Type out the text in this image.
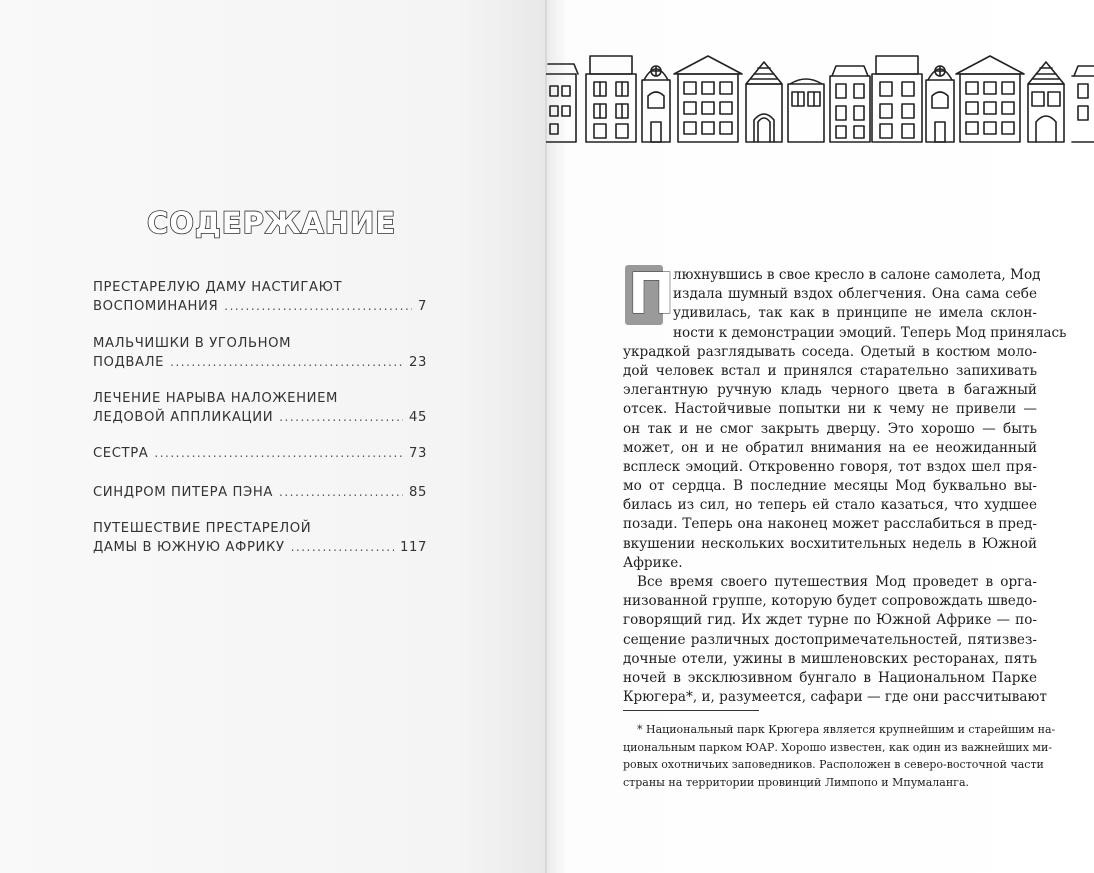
СОДЕРЖАНИЕ
ПРЕСТАРЕЛУЮ ДАМУ НАСТИГАЮТ
ВОСПОМИНАНИЯ .....	7
МАЛЬЧИШКИ В УГОЛЬНОМ
ПОДВАЛЕ .....	23
ЛЕЧЕНИЕ НАРЫВА НАЛОЖЕНИЕМ
ЛЕДОВОЙ АППЛИКАЦИИ .....	45
СЕСТРА .....	73
СИНДРОМ ПИТЕРА ПЭНА .....	85
ПУТЕШЕСТВИЕ ПРЕСТАРЕЛОЙ
ДАМЫ В ЮЖНУЮ АФРИКУ .....	117
П
люхнувшись в свое кресло в салоне самолета, Мод
издала шумный вздох облегчения. Она сама себе
удивилась, так как в принципе не имела склон-
ности к демонстрации эмоций. Теперь Мод принялась
украдкой разглядывать соседа. Одетый в костюм моло-
дой человек встал и принялся старательно запихивать
элегантную ручную кладь черного цвета в багажный
отсек. Настойчивые попытки ни к чему не привели —
он так и не смог закрыть дверцу. Это хорошо — быть
может, он и не обратил внимания на ее неожиданный
всплеск эмоций. Откровенно говоря, тот вздох шел пря-
мо от сердца. В последние месяцы Мод буквально вы-
билась из сил, но теперь ей стало казаться, что худшее
позади. Теперь она наконец может расслабиться в пред-
вкушении нескольких восхитительных недель в Южной
Африке.
Все время своего путешествия Мод проведет в орга-
низованной группе, которую будет сопровождать шведо-
говорящий гид. Их ждет турне по Южной Африке — по-
сещение различных достопримечательностей, пятизвез-
дочные отели, ужины в мишленовских ресторанах, пять
ночей в эксклюзивном бунгало в Национальном Парке
Крюгера*, и, разумеется, сафари — где они рассчитывают
* Национальный парк Крюгера является крупнейшим и старейшим на-
циональным парком ЮАР. Хорошо известен, как один из важнейших ми-
ровых охотничьих заповедников. Расположен в северо-восточной части
страны на территории провинций Лимпопо и Мпумаланга.
